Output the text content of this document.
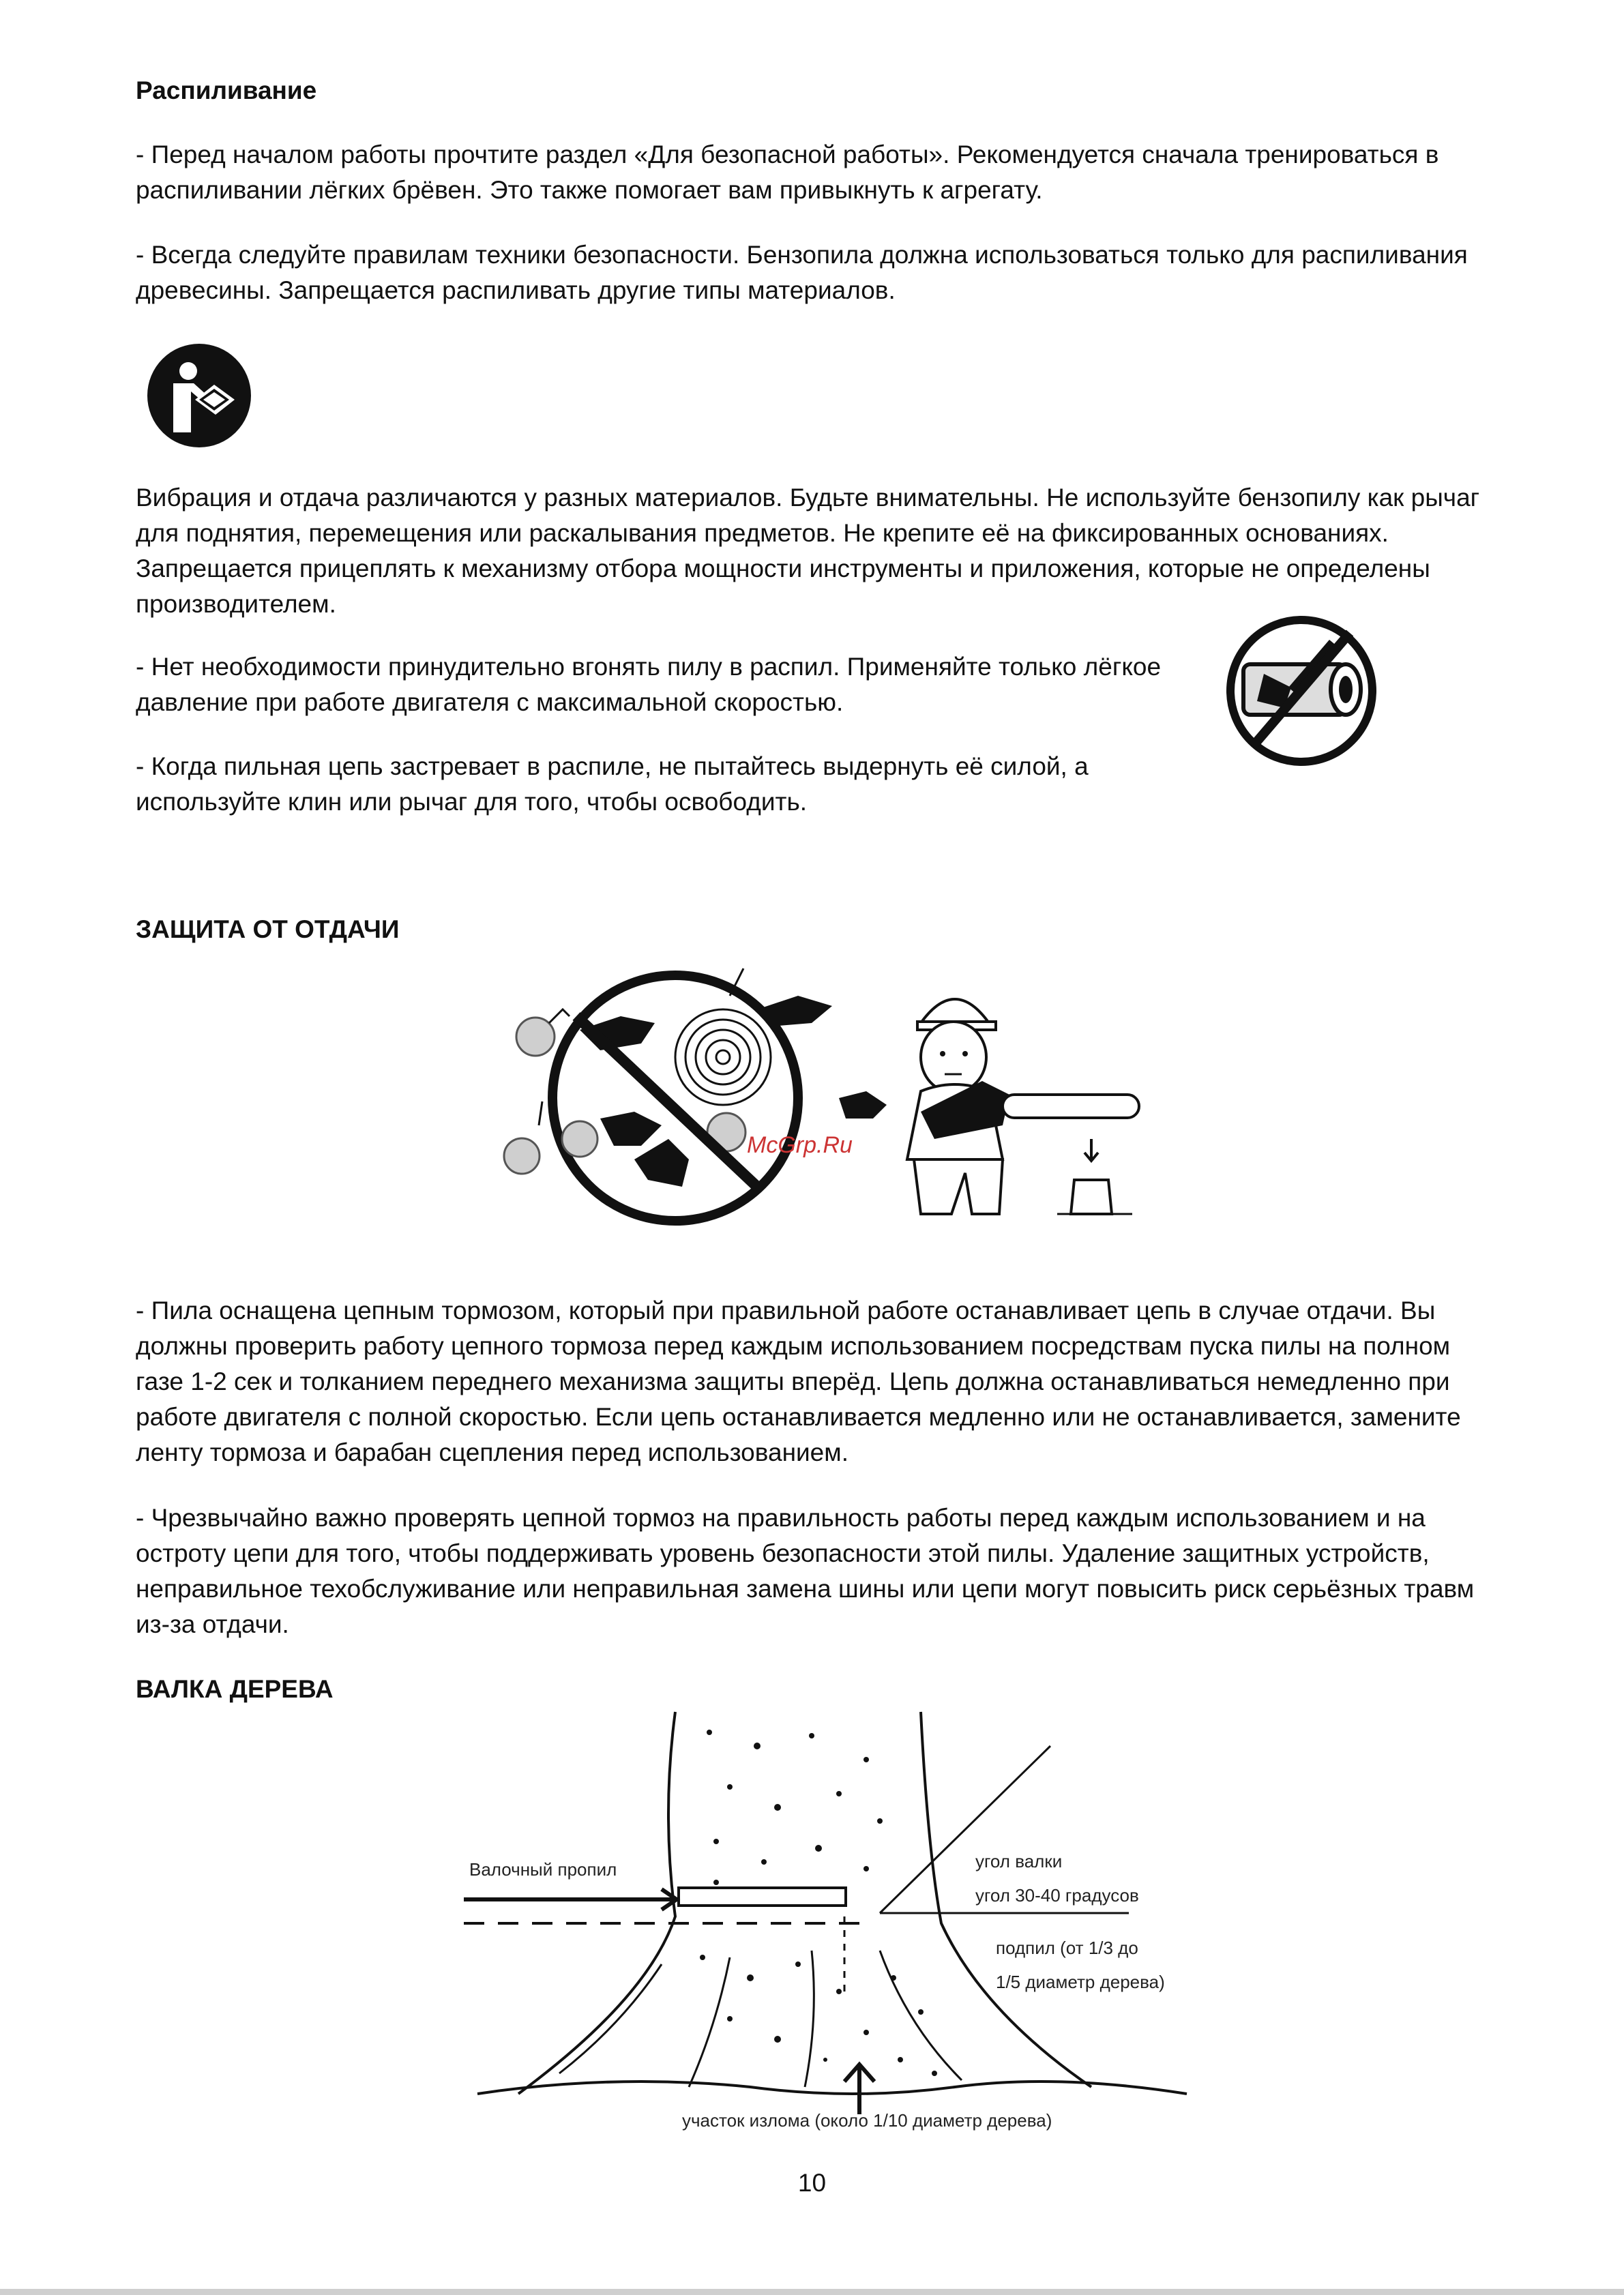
Распиливание

- Перед началом работы прочтите раздел «Для безопасной работы». Рекомендуется сначала тренироваться в распиливании лёгких брёвен. Это также помогает вам привыкнуть к агрегату.

- Всегда следуйте правилам техники безопасности. Бензопила должна использоваться только для распиливания древесины. Запрещается распиливать другие типы материалов.

Вибрация и отдача различаются у разных материалов. Будьте внимательны. Не используйте бензопилу как рычаг для поднятия, перемещения или раскалывания предметов. Не крепите её на фиксированных основаниях. Запрещается прицеплять к механизму отбора мощности инструменты и приложения, которые не определены производителем.

- Нет необходимости принудительно вгонять пилу в распил. Применяйте только лёгкое давление при работе двигателя с максимальной скоростью.

- Когда пильная цепь застревает в распиле, не пытайтесь выдернуть её силой, а используйте клин или рычаг для того, чтобы освободить.

ЗАЩИТА ОТ ОТДАЧИ
McGrp.Ru

- Пила оснащена цепным тормозом, который при правильной работе останавливает цепь в случае отдачи. Вы должны проверить работу цепного тормоза перед каждым использованием посредствам пуска пилы на полном газе 1-2 сек и толканием переднего механизма защиты вперёд. Цепь должна останавливаться немедленно при работе двигателя с полной скоростью. Если цепь останавливается медленно или не останавливается, замените ленту тормоза и барабан сцепления перед использованием.

- Чрезвычайно важно проверять цепной тормоз на правильность работы перед каждым использованием и на остроту цепи для того, чтобы поддерживать уровень безопасности этой пилы. Удаление защитных устройств, неправильное техобслуживание или неправильная замена шины или цепи могут повысить риск серьёзных травм из-за отдачи.

ВАЛКА ДЕРЕВА
Валочный пропил	угол валки
угол 30-40 градусов
подпил (от 1/3 до
1/5 диаметр дерева)
участок излома (около 1/10 диаметр дерева)
10
